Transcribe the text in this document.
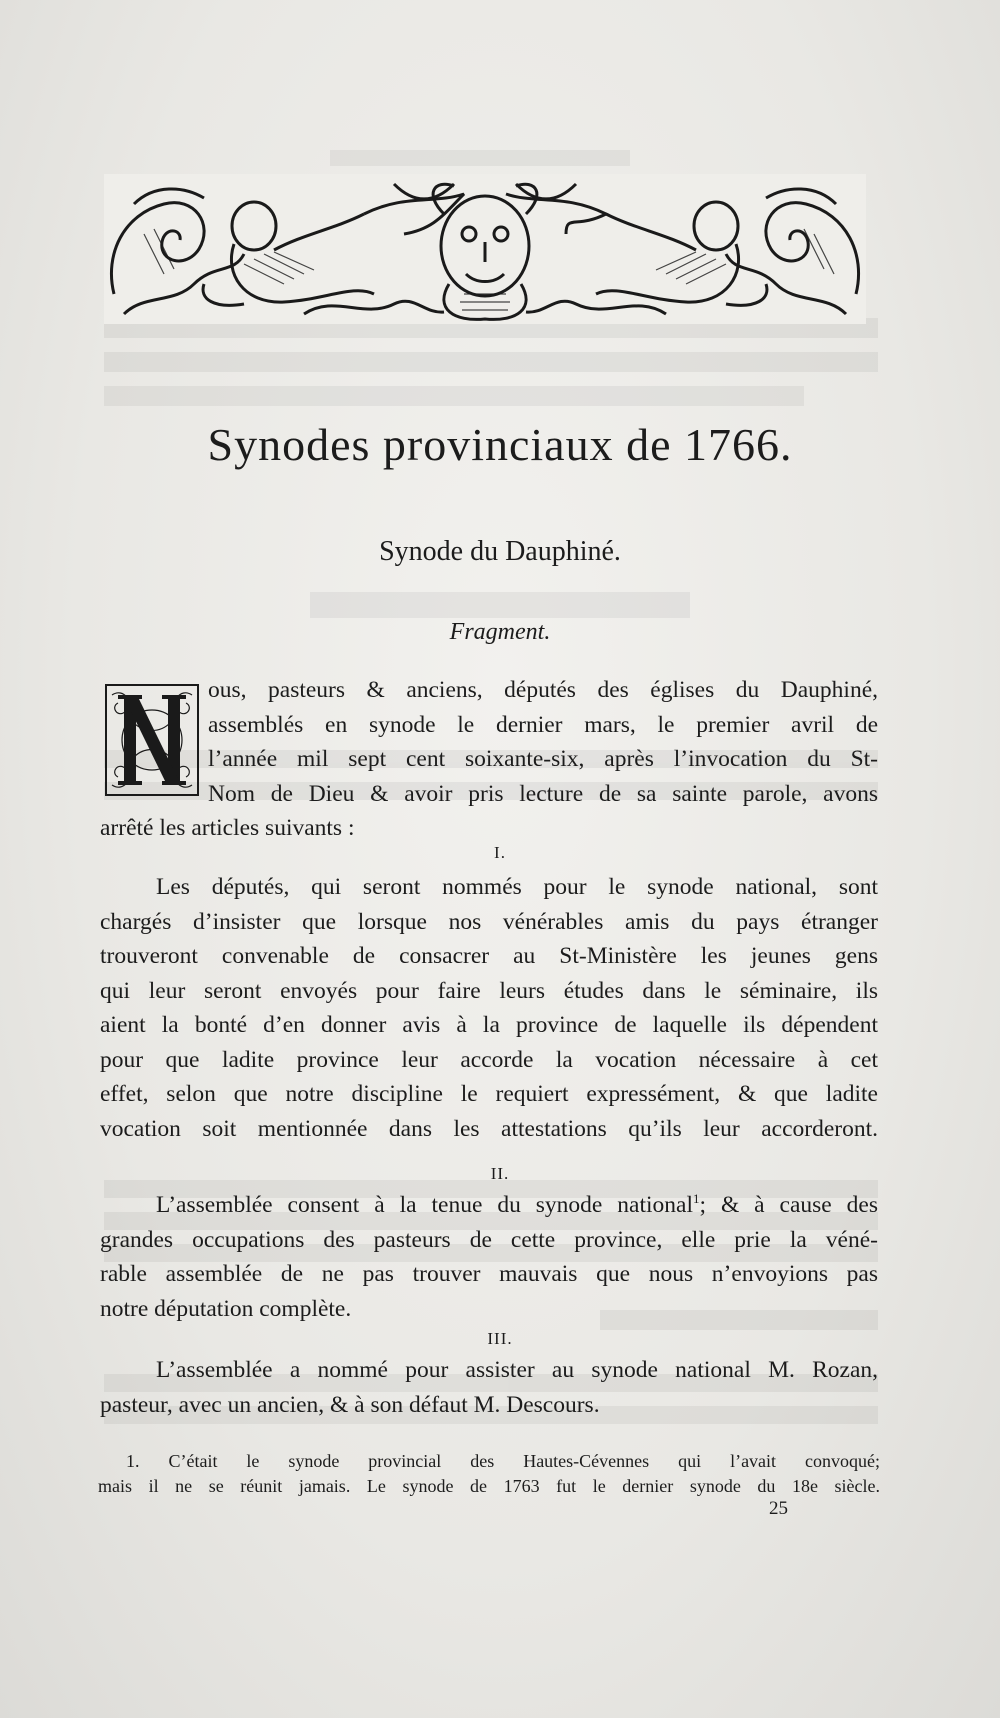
Synodes provinciaux de 1766.
Synode du Dauphiné.

Fragment.

ous, pasteurs & anciens, députés des églises du Dauphiné,
assemblés en synode le dernier mars, le premier avril de
l’année mil sept cent soixante-six, après l’invocation du St-
Nom de Dieu & avoir pris lecture de sa sainte parole, avons
arrêté les articles suivants :

I.

Les députés, qui seront nommés pour le synode national, sont
chargés d’insister que lorsque nos vénérables amis du pays étranger
trouveront convenable de consacrer au St-Ministère les jeunes gens
qui leur seront envoyés pour faire leurs études dans le séminaire, ils
aient la bonté d’en donner avis à la province de laquelle ils dépendent
pour que ladite province leur accorde la vocation nécessaire à cet
effet, selon que notre discipline le requiert expressément, & que ladite
vocation soit mentionnée dans les attestations qu’ils leur accorderont.

II.

L’assemblée consent à la tenue du synode national$^1$; & à cause des
grandes occupations des pasteurs de cette province, elle prie la véné-
rable assemblée de ne pas trouver mauvais que nous n’envoyions pas
notre députation complète.

III.

L’assemblée a nommé pour assister au synode national M. Rozan,
pasteur, avec un ancien, & à son défaut M. Descours.

1. C’était le synode provincial des Hautes-Cévennes qui l’avait convoqué;
mais il ne se réunit jamais. Le synode de 1763 fut le dernier synode du 18e siècle.

25
